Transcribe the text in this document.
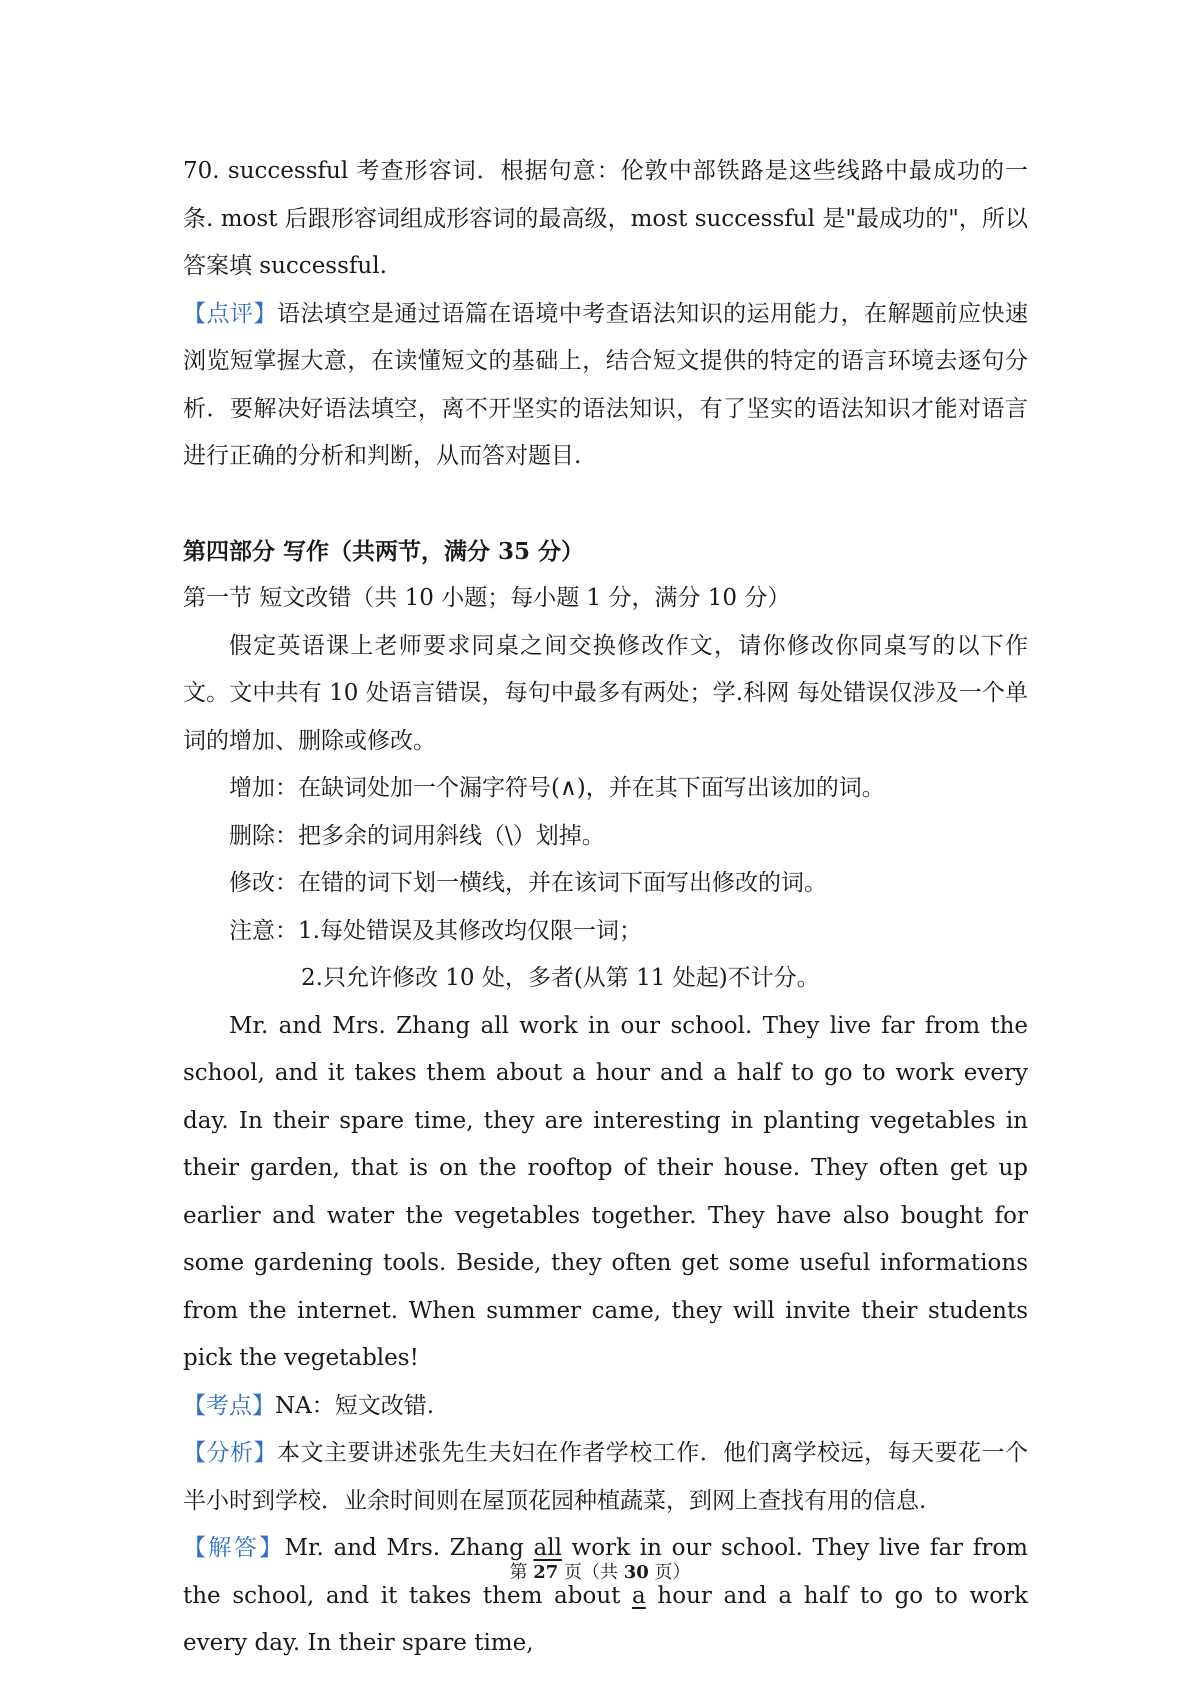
70. successful 考查形容词．根据句意：伦敦中部铁路是这些线路中最成功的一条. most 后跟形容词组成形容词的最高级，most successful 是"最成功的"，所以答案填 successful.

【点评】语法填空是通过语篇在语境中考查语法知识的运用能力，在解题前应快速浏览短掌握大意，在读懂短文的基础上，结合短文提供的特定的语言环境去逐句分析．要解决好语法填空，离不开坚实的语法知识，有了坚实的语法知识才能对语言进行正确的分析和判断，从而答对题目.

第四部分 写作（共两节，满分 35 分）

第一节 短文改错（共 10 小题；每小题 1 分，满分 10 分）

假定英语课上老师要求同桌之间交换修改作文，请你修改你同桌写的以下作文。文中共有 10 处语言错误，每句中最多有两处；学.科网 每处错误仅涉及一个单词的增加、删除或修改。

增加：在缺词处加一个漏字符号(∧)，并在其下面写出该加的词。

删除：把多余的词用斜线（\）划掉。

修改：在错的词下划一横线，并在该词下面写出修改的词。

注意：1.每处错误及其修改均仅限一词；

2.只允许修改 10 处，多者(从第 11 处起)不计分。

Mr. and Mrs. Zhang all work in our school. They live far from the school, and it takes them about a hour and a half to go to work every day. In their spare time, they are interesting in planting vegetables in their garden, that is on the rooftop of their house. They often get up earlier and water the vegetables together. They have also bought for some gardening tools. Beside, they often get some useful informations from the internet. When summer came, they will invite their students pick the vegetables!

【考点】NA：短文改错.

【分析】本文主要讲述张先生夫妇在作者学校工作．他们离学校远，每天要花一个半小时到学校．业余时间则在屋顶花园种植蔬菜，到网上查找有用的信息.

【解答】Mr. and Mrs. Zhang all work in our school. They live far from the school, and it takes them about a hour and a half to go to work every day. In their spare time,

第 27 页（共 30 页）
